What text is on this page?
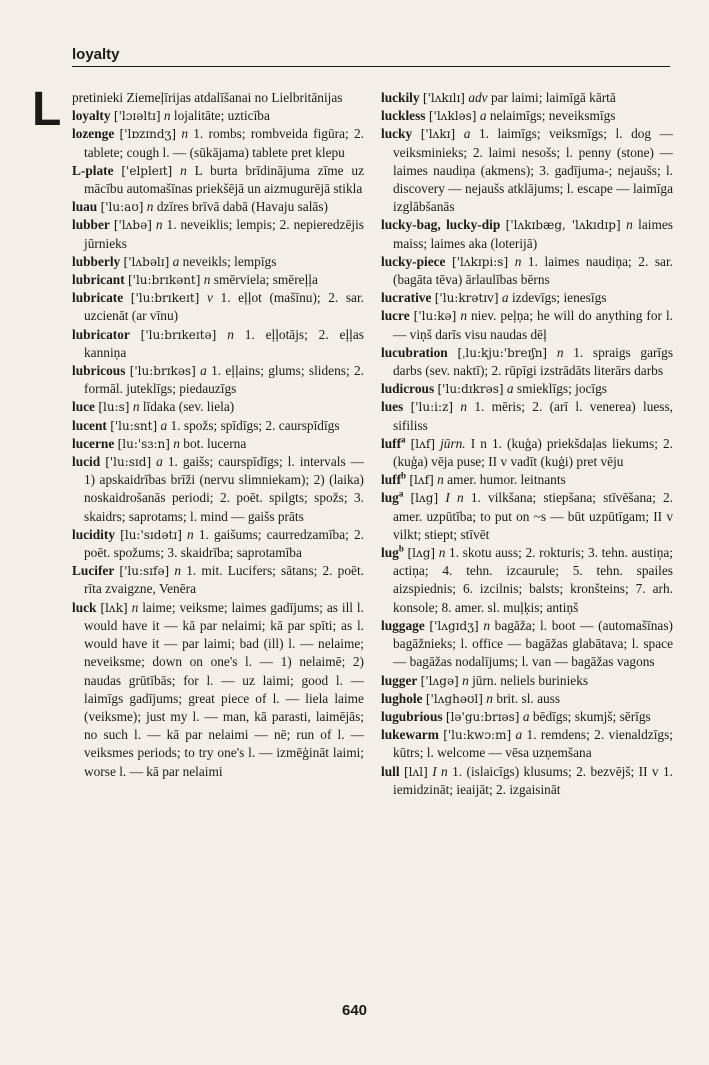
loyalty
L pretinieki Ziemeļīrijas atdalīšanai no Lielbritānijas

loyalty ['lɔɪəltɪ] n lojalitāte; uzticība

lozenge ['lɒzɪndʒ] n 1. rombs; rombveida figūra; 2. tablete; cough l. — (sūkājama) tablete pret klepu

L-plate ['elpleɪt] n L burta brīdinājuma zīme uz mācību automašīnas priekšējā un aizmugurējā stikla

luau ['lu:aʊ] n dzīres brīvā dabā (Havaju salās)

lubber ['lʌbə] n 1. neveiklis; lempis; 2. nepieredzējis jūrnieks

lubberly ['lʌbəlɪ] a neveikls; lempīgs

lubricant ['lu:brɪkənt] n smērviela; smēreļļa

lubricate ['lu:brɪkeɪt] v 1. eļļot (mašīnu); 2. sar. uzcienāt (ar vīnu)

lubricator ['lu:brɪkeɪtə] n 1. eļļotājs; 2. eļļas kanniņa

lubricous ['lu:brɪkəs] a 1. eļļains; glums; slidens; 2. formāl. juteklīgs; piedauzīgs

luce [lu:s] n līdaka (sev. liela)

lucent ['lu:snt] a 1. spožs; spīdīgs; 2. caurspīdīgs

lucerne [lu:'sɜ:n] n bot. lucerna

lucid ['lu:sɪd] a 1. gaišs; caurspīdīgs; l. intervals — 1) apskaidrības brīži (nervu slimniekam); 2) (laika) noskaidrošanās periodi; 2. poēt. spilgts; spožs; 3. skaidrs; saprotams; l. mind — gaišs prāts

lucidity [lu:'sɪdətɪ] n 1. gaišums; caurredzamība; 2. poēt. spožums; 3. skaidrība; saprotamība

Lucifer ['lu:sɪfə] n 1. mit. Lucifers; sātans; 2. poēt. rīta zvaigzne, Venēra

luck [lʌk] n laime; veiksme; laimes gadījums; as ill l. would have it — kā par nelaimi; kā par spīti; as l. would have it — par laimi; bad (ill) l. — nelaime; neveiksme; down on one's l. — 1) nelaimē; 2) naudas grūtībās; for l. — uz laimi; good l. — laimīgs gadījums; great piece of l. — liela laime (veiksme); just my l. — man, kā parasti, laimējās; no such l. — kā par nelaimi — nē; run of l. — veiksmes periods; to try one's l. — izmēģināt laimi; worse l. — kā par nelaimi

luckily ['lʌkɪlɪ] adv par laimi; laimīgā kārtā

luckless ['lʌkləs] a nelaimīgs; neveiksmīgs

lucky ['lʌkɪ] a 1. laimīgs; veiksmīgs; l. dog — veiksminieks; 2. laimi nesošs; l. penny (stone) — laimes naudiņa (akmens); 3. gadījuma-; nejaušs; l. discovery — nejaušs atklājums; l. escape — laimīga izglābšanās

lucky-bag, lucky-dip ['lʌkɪbæg, 'lʌkɪdɪp] n laimes maiss; laimes aka (loterijā)

lucky-piece ['lʌkɪpi:s] n 1. laimes naudiņa; 2. sar. (bagāta tēva) ārlaulības bērns

lucrative ['lu:krətɪv] a izdevīgs; ienesīgs

lucre ['lu:kə] n niev. peļņa; he will do anything for l. — viņš darīs visu naudas dēļ

lucubration [ˌlu:kju:'breɪʃn] n 1. spraigs garīgs darbs (sev. naktī); 2. rūpīgi izstrādāts literārs darbs

ludicrous ['lu:dɪkrəs] a smieklīgs; jocīgs

lues ['lu:i:z] n 1. mēris; 2. (arī l. venerea) luess, sifiliss

luff$^a$ [lʌf] jūrn. I n 1. (kuģa) priekšdaļas liekums; 2. (kuģa) vēja puse; II v vadīt (kuģi) pret vēju

luff$^b$ [lʌf] n amer. humor. leitnants

lug$^a$ [lʌg] I n 1. vilkšana; stiepšana; stīvēšana; 2. amer. uzpūtība; to put on ~s — būt uzpūtīgam; II v vilkt; stiept; stīvēt

lug$^b$ [lʌg] n 1. skotu auss; 2. rokturis; 3. tehn. austiņa; actiņa; 4. tehn. izcaurule; 5. tehn. spailes aizspiednis; 6. izcilnis; balsts; kronšteins; 7. arh. konsole; 8. amer. sl. muļķis; antiņš

luggage ['lʌgɪdʒ] n bagāža; l. boot — (automašīnas) bagāžnieks; l. office — bagāžas glabātava; l. space — bagāžas nodalījums; l. van — bagāžas vagons

lugger ['lʌgə] n jūrn. neliels burinieks

lughole ['lʌghəʊl] n brit. sl. auss

lugubrious [lə'gu:brɪəs] a bēdīgs; skumjš; sērīgs

lukewarm ['lu:kwɔ:m] a 1. remdens; 2. vienaldzīgs; kūtrs; l. welcome — vēsa uzņemšana

lull [lʌl] I n 1. (islaicīgs) klusums; 2. bezvējš; II v 1. iemidzināt; ieaijāt; 2. izgaisināt

640
